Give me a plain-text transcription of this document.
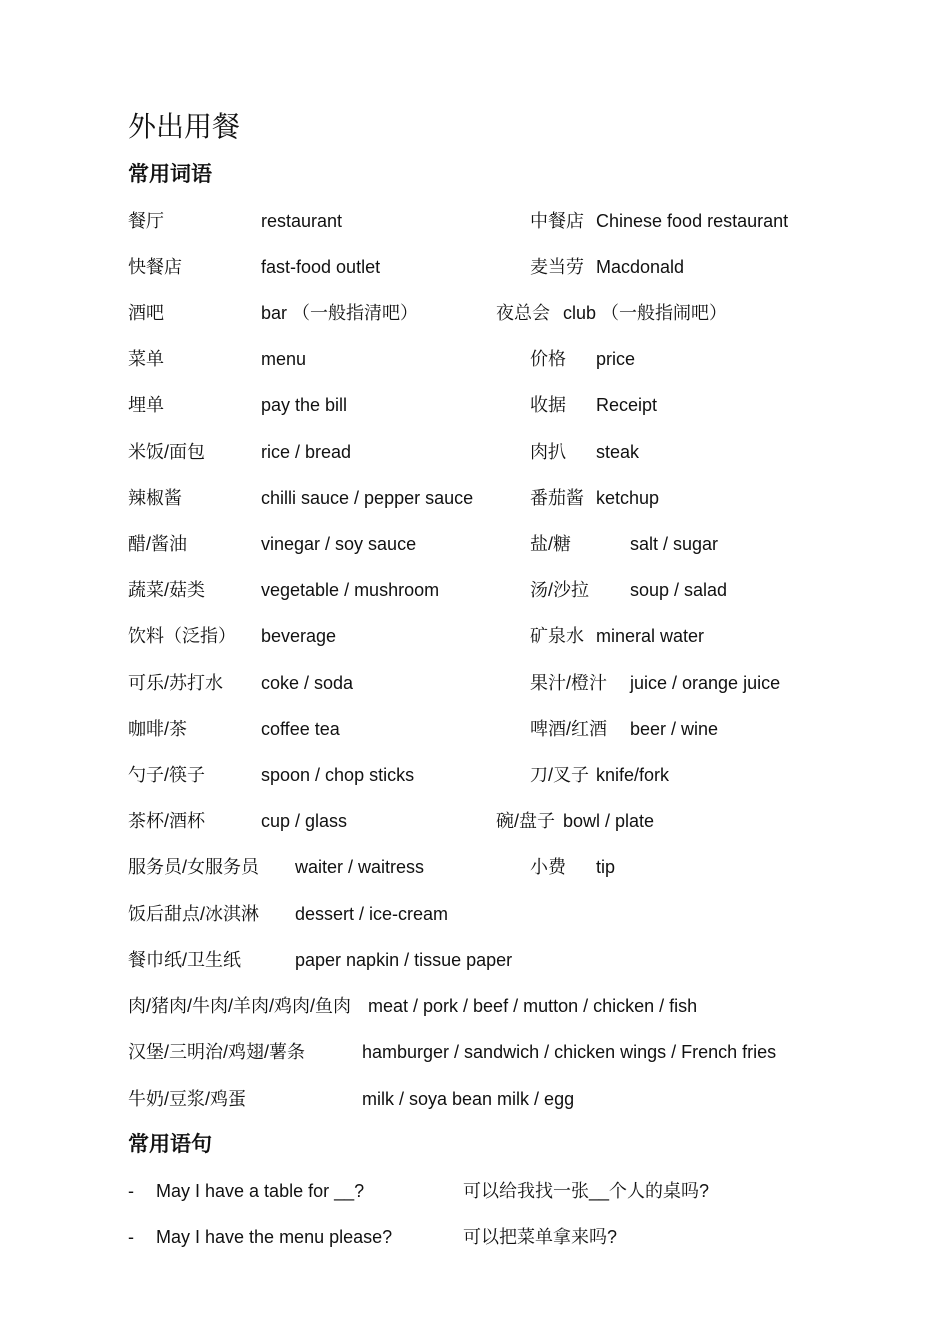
外出用餐
常用词语
餐厅	restaurant	中餐店 Chinese food restaurant
快餐店	fast-food outlet	麦当劳 Macdonald
酒吧	bar （一般指清吧）	夜总会 club （一般指闹吧）
菜单	menu	价格 price
埋单	pay the bill	收据 Receipt
米饭/面包	rice / bread	肉扒 steak
辣椒酱	chilli sauce / pepper sauce	番茄酱 ketchup
醋/酱油	vinegar / soy sauce	盐/糖	salt / sugar
蔬菜/菇类	vegetable / mushroom	汤/沙拉 soup / salad
饮料（泛指） beverage	矿泉水 mineral water
可乐/苏打水 coke / soda	果汁/橙汁 juice / orange juice
咖啡/茶	coffee tea	啤酒/红酒 beer / wine
勺子/筷子	spoon / chop sticks	刀/叉子 knife/fork
茶杯/酒杯	cup / glass	碗/盘子 bowl / plate
服务员/女服务员 waiter / waitress	小费 tip
饭后甜点/冰淇淋 dessert / ice-cream
餐巾纸/卫生纸	paper napkin / tissue paper
肉/猪肉/牛肉/羊肉/鸡肉/鱼肉 meat / pork / beef / mutton / chicken / fish
汉堡/三明治/鸡翅/薯条	hamburger / sandwich / chicken wings / French fries
牛奶/豆浆/鸡蛋	milk / soya bean milk / egg
常用语句
- May I have a table for __?	可以给我找一张__个人的桌吗?
- May I have the menu please?	可以把菜单拿来吗?
